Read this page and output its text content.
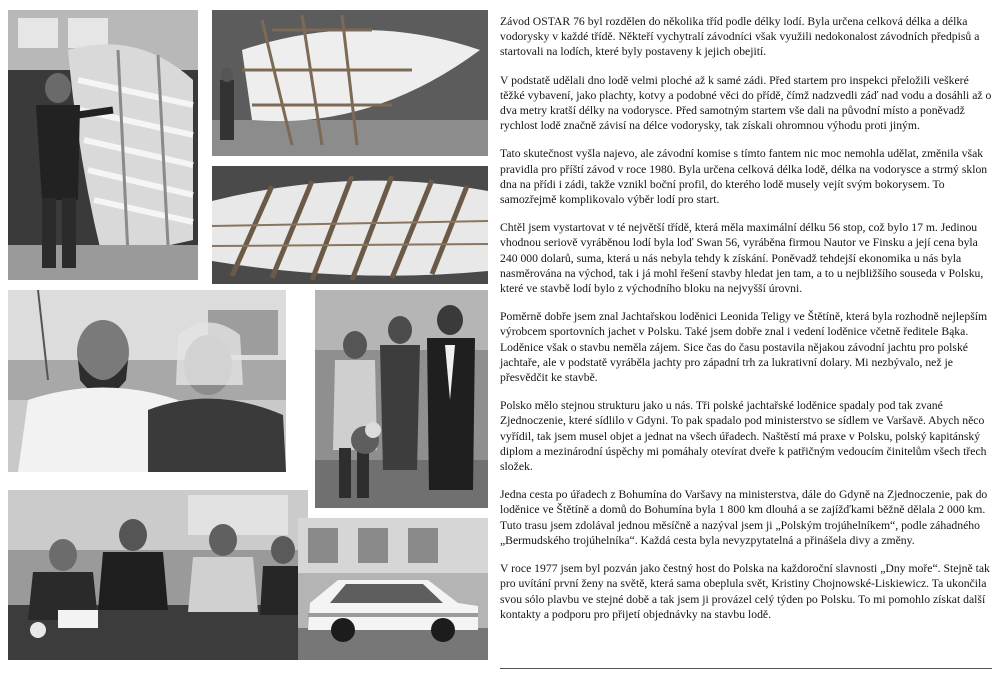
Závod OSTAR 76 byl rozdělen do několika tříd podle délky lodí. Byla určena celková délka a délka vodorysky v každé třídě. Někteří vychytralí závodníci však využili nedokonalost závodních předpisů a startovali na lodích, které byly postaveny k jejich obejití.

V podstatě udělali dno lodě velmi ploché až k samé zádi. Před startem pro inspekci přeložili veškeré těžké vybavení, jako plachty, kotvy a podobné věci do přídě, čímž nadzvedli záď nad vodu a dosáhli až o dva metry kratší délky na vodorysce. Před samotným startem vše dali na původní místo a poněvadž rychlost lodě značně závisí na délce vodorysky, tak získali ohromnou výhodu proti jiným.

Tato skutečnost vyšla najevo, ale závodní komise s tímto fantem nic moc nemohla udělat, změnila však pravidla pro příští závod v roce 1980. Byla určena celková délka lodě, délka na vodorysce a strmý sklon dna na přídi i zádi, takže vznikl boční profil, do kterého lodě musely vejít svým bokorysem. To samozřejmě komplikovalo výběr lodí pro start.

Chtěl jsem vystartovat v té největší třídě, která měla maximální délku 56 stop, což bylo 17 m. Jedinou vhodnou seriově vyráběnou lodí byla loď Swan 56, vyráběna firmou Nautor ve Finsku a její cena byla 240 000 dolarů, suma, která u nás nebyla tehdy k získání. Poněvadž tehdejší ekonomika u nás byla nasměrována na východ, tak i já mohl řešení stavby hledat jen tam, a to u nejbližšího souseda v Polsku, které ve stavbě lodí bylo z východního bloku na nejvyšší úrovni.

Poměrně dobře jsem znal Jachtařskou loděnici Leonida Teligy ve Štětíně, která byla rozhodně nejlepším výrobcem sportovních jachet v Polsku. Také jsem dobře znal i vedení loděnice včetně ředitele Bąka. Loděnice však o stavbu neměla zájem. Sice čas do času postavila nějakou závodní jachtu pro polské jachtaře, ale v podstatě vyráběla jachty pro západní trh za lukrativní dolary. Mi nezbývalo, než je přesvědčit ke stavbě.

Polsko mělo stejnou strukturu jako u nás. Tři polské jachtařské loděnice spadaly pod tak zvané Zjednoczenie, které sídlilo v Gdyni. To pak spadalo pod ministerstvo se sídlem ve Varšavě. Abych něco vyřídil, tak jsem musel objet a jednat na všech úřadech. Naštěstí má praxe v Polsku, polský kapitánský diplom a mezinárodní úspěchy mi pomáhaly otevírat dveře k patřičným vedoucím činitelům všech třech složek.

Jedna cesta po úřadech z Bohumína do Varšavy na ministerstva, dále do Gdyně na Zjednoczenie, pak do loděnice ve Štětíně a domů do Bohumína byla 1 800 km dlouhá a se zajížďkami běžně dělala 2 000 km. Tuto trasu jsem zdolával jednou měsíčně a nazýval jsem ji „Polským trojúhelníkem“, podle záhadného „Bermudského trojúhelníka“. Každá cesta byla nevyzpytatelná a přinášela divy a změny.

V roce 1977 jsem byl pozván jako čestný host do Polska na každoroční slavnosti „Dny moře“. Stejně tak pro uvítání první ženy na světě, která sama obeplula svět, Kristiny Chojnowské-Liskiewicz. Ta ukončila svou sólo plavbu ve stejné době a tak jsem ji provázel celý týden po Polsku. To mi pomohlo získat další kontakty a podporu pro přijetí objednávky na stavbu lodě.
